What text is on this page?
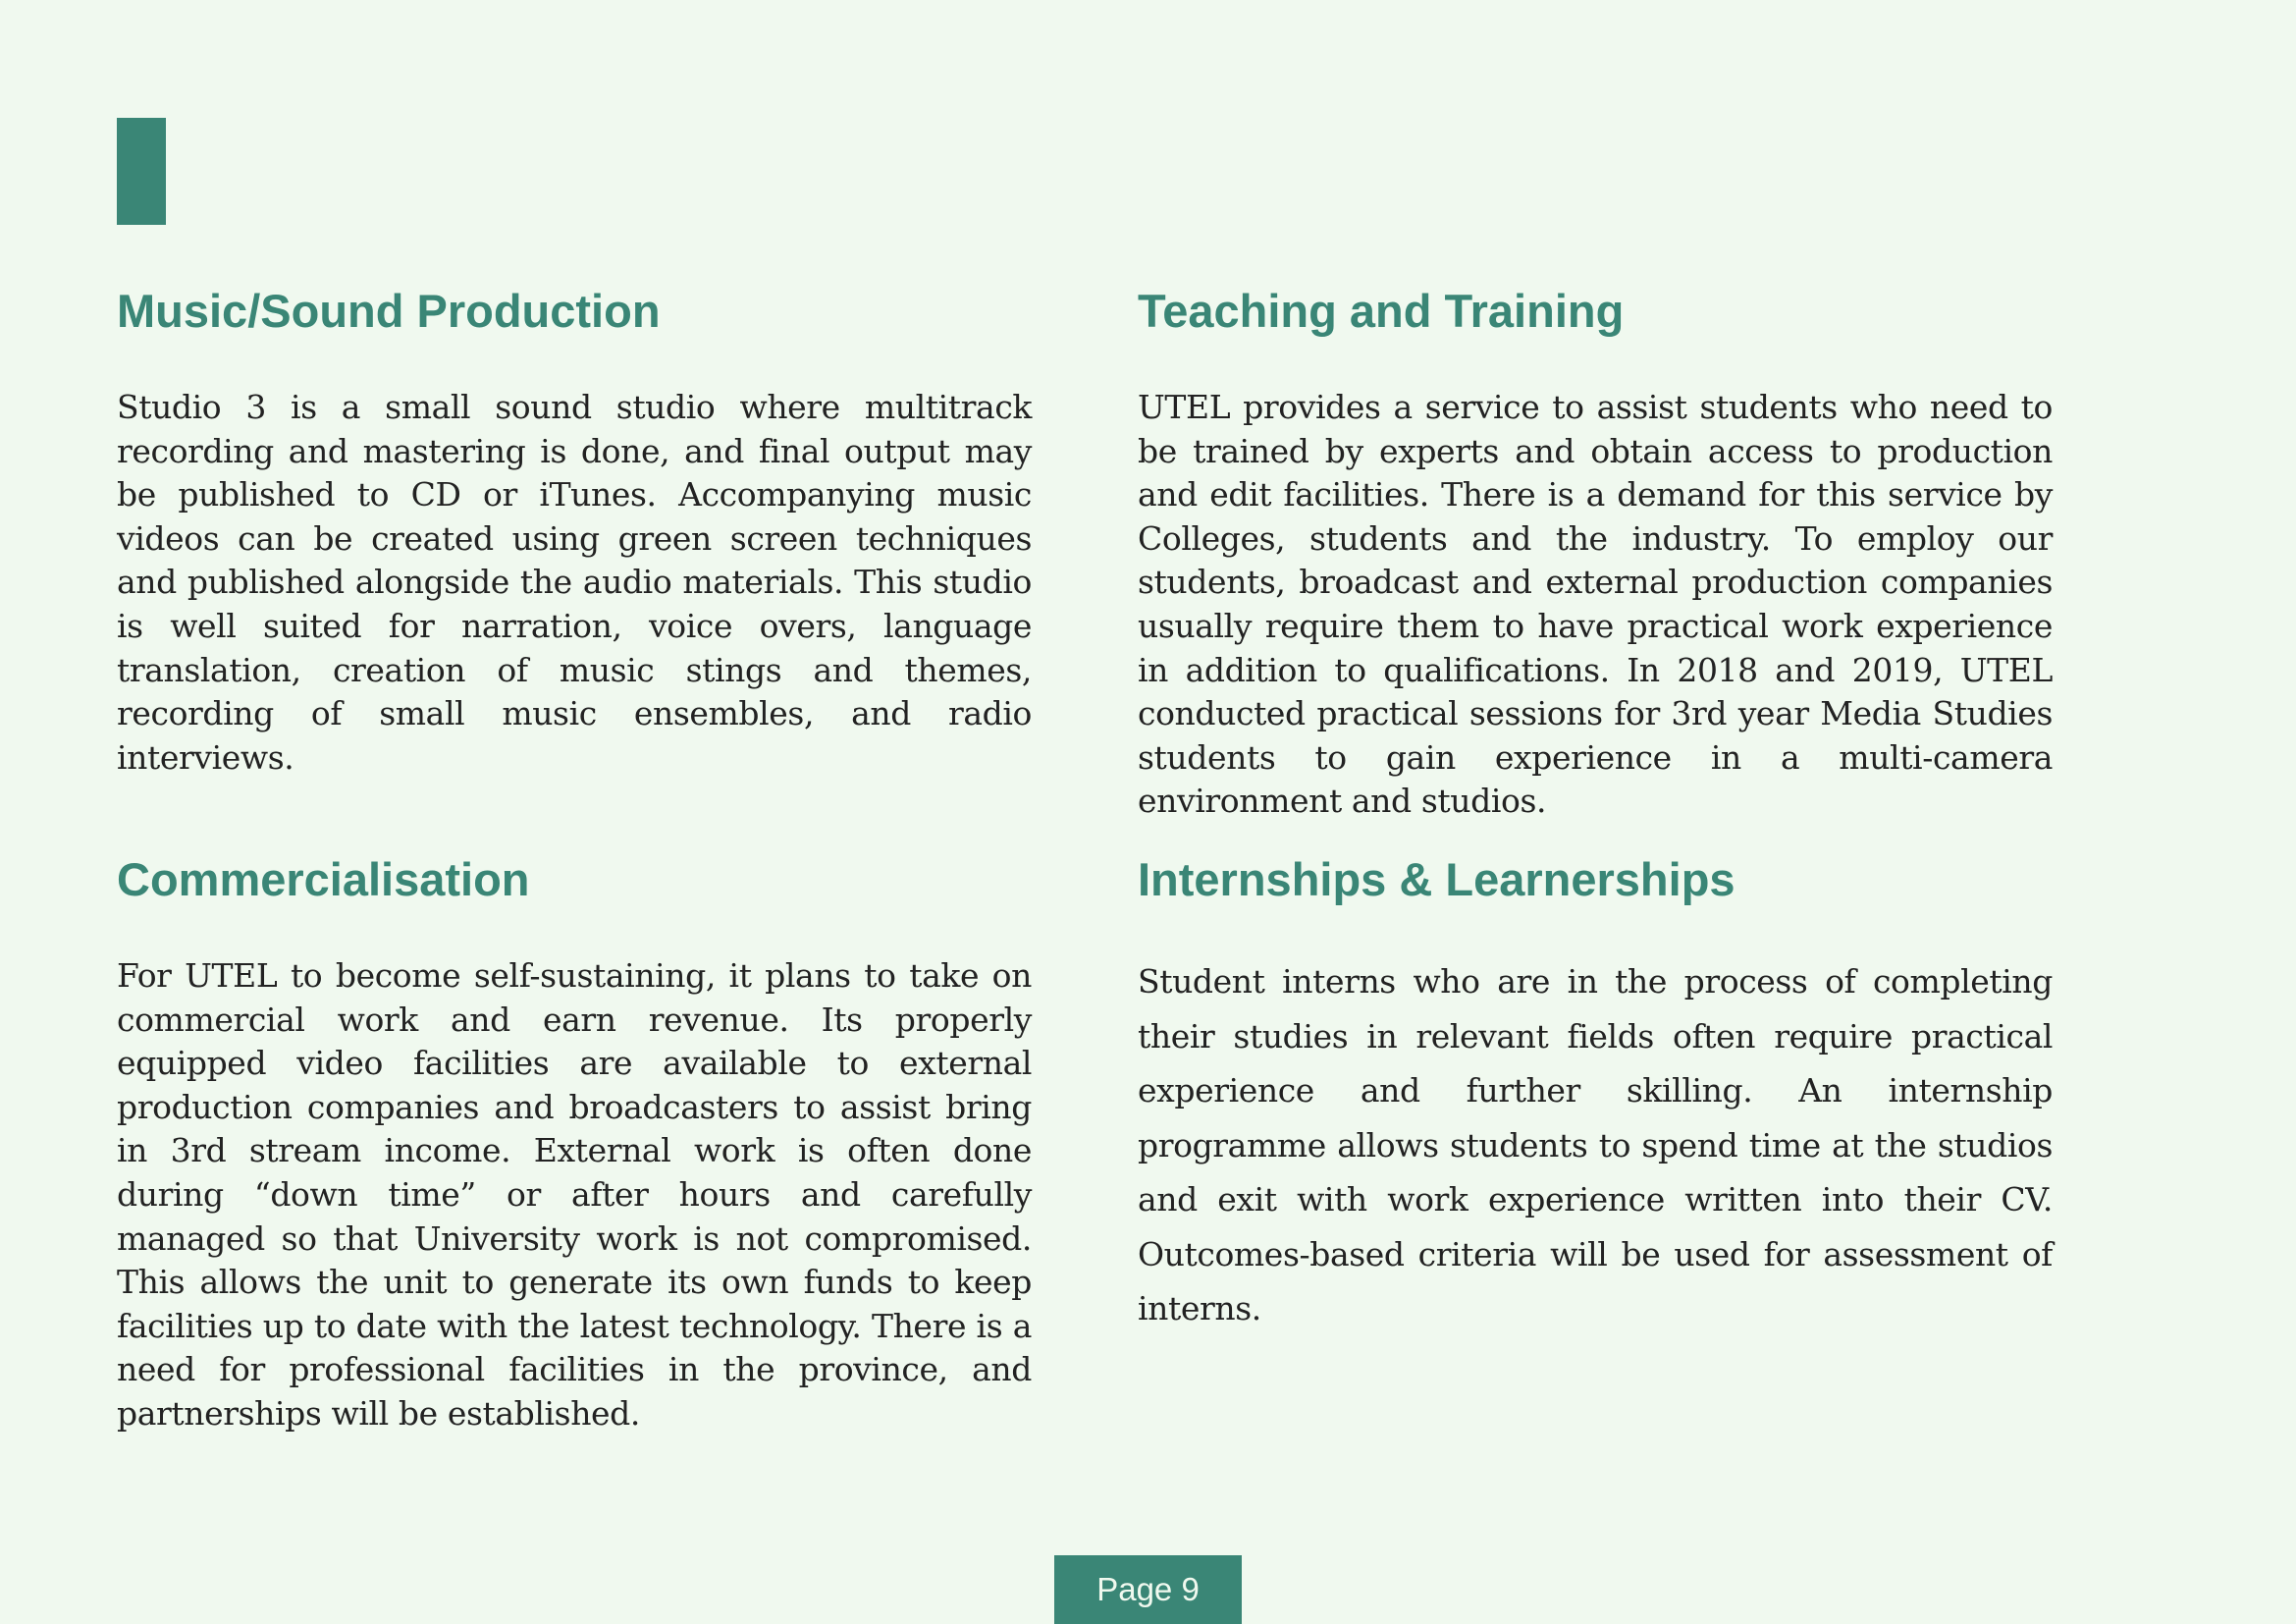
Music/Sound Production

Studio 3 is a small sound studio where multitrack recording and mastering is done, and final output may be published to CD or iTunes. Accompanying music videos can be created using green screen techniques and published alongside the audio materials. This studio is well suited for narration, voice overs, language translation, creation of music stings and themes, recording of small music ensembles, and radio interviews.

Teaching and Training

UTEL provides a service to assist students who need to be trained by experts and obtain access to production and edit facilities. There is a demand for this service by Colleges, students and the industry. To employ our students, broadcast and external production companies usually require them to have practical work experience in addition to qualifications. In 2018 and 2019, UTEL conducted practical sessions for 3rd year Media Studies students to gain experience in a multi-camera environment and studios.

Commercialisation

For UTEL to become self-sustaining, it plans to take on commercial work and earn revenue. Its properly equipped video facilities are available to external production companies and broadcasters to assist bring in 3rd stream income. External work is often done during “down time” or after hours and carefully managed so that University work is not compromised. This allows the unit to generate its own funds to keep facilities up to date with the latest technology. There is a need for professional facilities in the province, and partnerships will be established.

Internships & Learnerships

Student interns who are in the process of completing their studies in relevant fields often require practical experience and further skilling. An internship programme allows students to spend time at the studios and exit with work experience written into their CV. Outcomes-based criteria will be used for assessment of interns.

Page 9
